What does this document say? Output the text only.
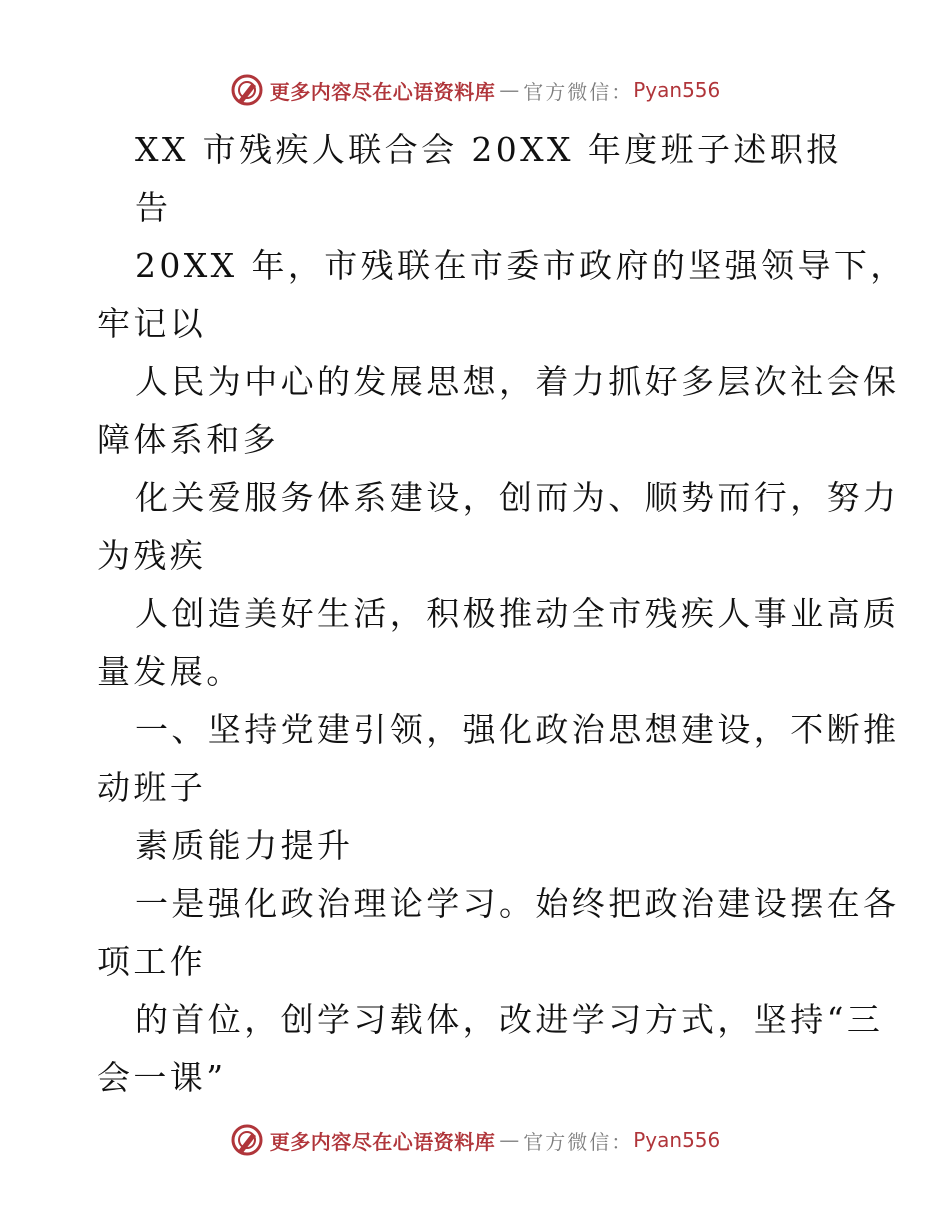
更多内容尽在心语资料库 — 官方微信： Pyan556
XX 市残疾人联合会 20XX 年度班子述职报
告
20XX 年，市残联在市委市政府的坚强领导下，
牢记以
人民为中心的发展思想，着力抓好多层次社会保
障体系和多
化关爱服务体系建设，创而为、顺势而行，努力
为残疾
人创造美好生活，积极推动全市残疾人事业高质
量发展。
一、坚持党建引领，强化政治思想建设，不断推
动班子
素质能力提升
一是强化政治理论学习。始终把政治建设摆在各
项工作
的首位，创学习载体，改进学习方式，坚持“三
会一课”
更多内容尽在心语资料库 — 官方微信： Pyan556
